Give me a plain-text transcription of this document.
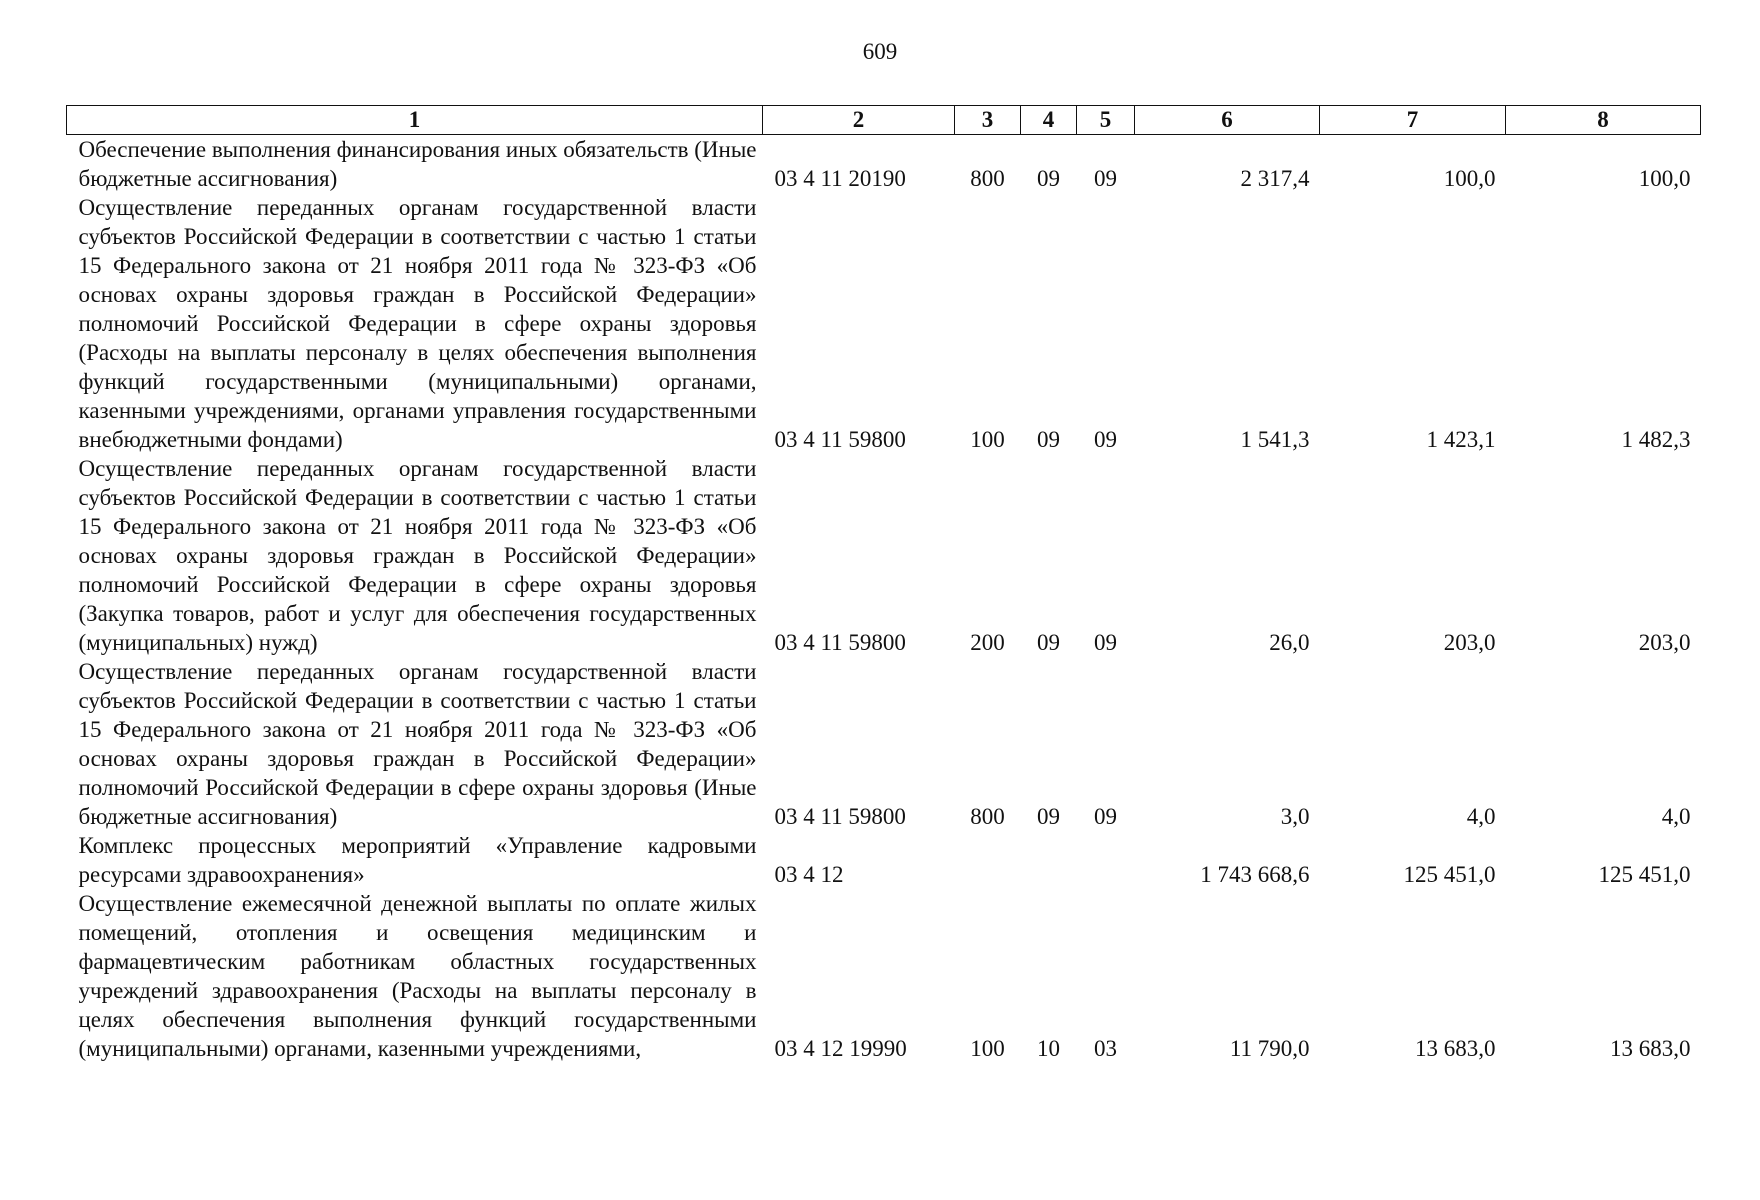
609
1	2	3	4	5	6	7	8
Обеспечение выполнения финансирования иных обязательств (Иные бюджетные ассигнования)	03 4 11 20190	800	09	09	2 317,4	100,0	100,0
Осуществление переданных органам государственной власти субъектов Российской Федерации в соответствии с частью 1 статьи 15 Федерального закона от 21 ноября 2011 года № 323-ФЗ «Об основах охраны здоровья граждан в Российской Федерации» полномочий Российской Федерации в сфере охраны здоровья (Расходы на выплаты персоналу в целях обеспечения выполнения функций государственными (муниципальными) органами, казенными учреждениями, органами управления государственными внебюджетными фондами)	03 4 11 59800	100	09	09	1 541,3	1 423,1	1 482,3
Осуществление переданных органам государственной власти субъектов Российской Федерации в соответствии с частью 1 статьи 15 Федерального закона от 21 ноября 2011 года № 323-ФЗ «Об основах охраны здоровья граждан в Российской Федерации» полномочий Российской Федерации в сфере охраны здоровья (Закупка товаров, работ и услуг для обеспечения государственных (муниципальных) нужд)	03 4 11 59800	200	09	09	26,0	203,0	203,0
Осуществление переданных органам государственной власти субъектов Российской Федерации в соответствии с частью 1 статьи 15 Федерального закона от 21 ноября 2011 года № 323-ФЗ «Об основах охраны здоровья граждан в Российской Федерации» полномочий Российской Федерации в сфере охраны здоровья (Иные бюджетные ассигнования)	03 4 11 59800	800	09	09	3,0	4,0	4,0
Комплекс процессных мероприятий «Управление кадровыми ресурсами здравоохранения»	03 4 12				1 743 668,6	125 451,0	125 451,0
Осуществление ежемесячной денежной выплаты по оплате жилых помещений, отопления и освещения медицинским и фармацевтическим работникам областных государственных учреждений здравоохранения (Расходы на выплаты персоналу в целях обеспечения выполнения функций государственными (муниципальными) органами, казенными учреждениями,	03 4 12 19990	100	10	03	11 790,0	13 683,0	13 683,0
